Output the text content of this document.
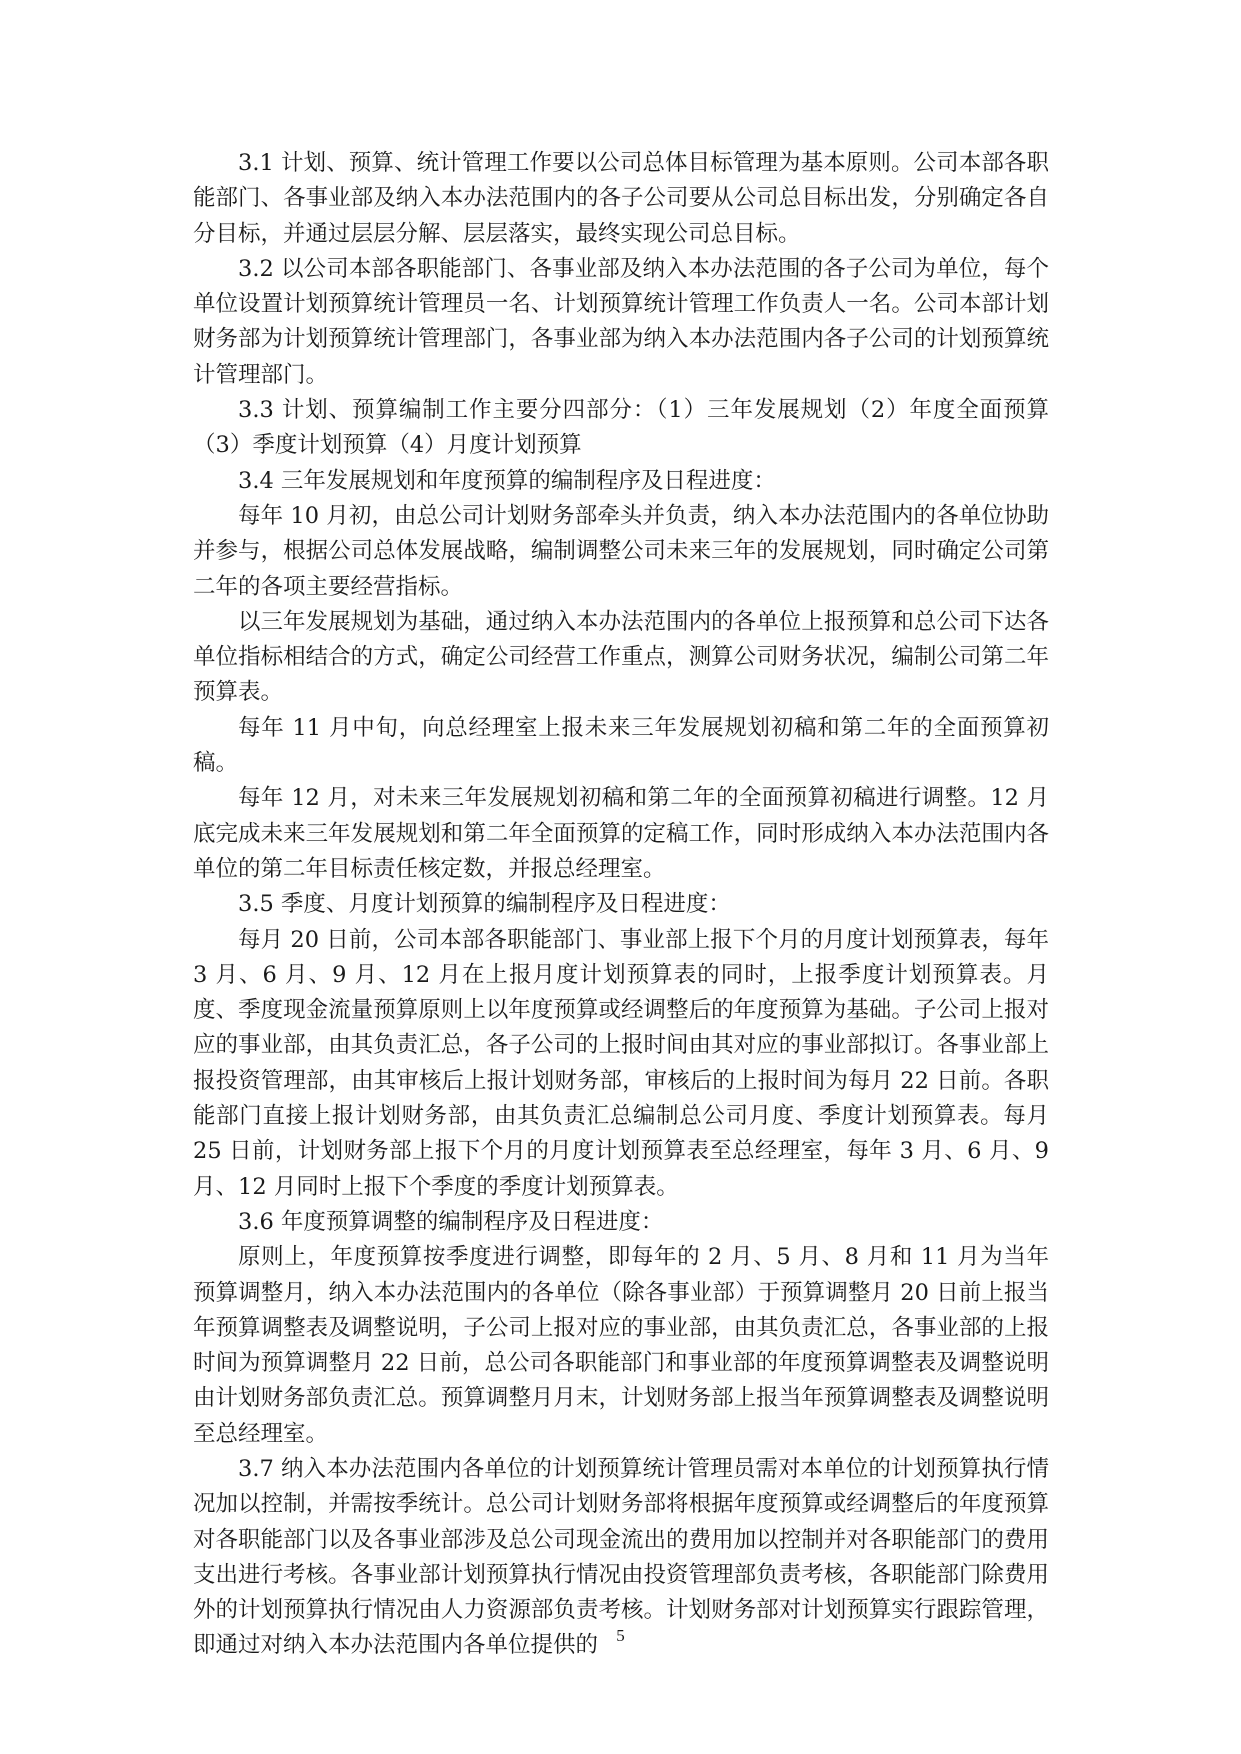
3.1 计划、预算、统计管理工作要以公司总体目标管理为基本原则。公司本部各职能部门、各事业部及纳入本办法范围内的各子公司要从公司总目标出发，分别确定各自分目标，并通过层层分解、层层落实，最终实现公司总目标。

3.2 以公司本部各职能部门、各事业部及纳入本办法范围的各子公司为单位，每个单位设置计划预算统计管理员一名、计划预算统计管理工作负责人一名。公司本部计划财务部为计划预算统计管理部门，各事业部为纳入本办法范围内各子公司的计划预算统计管理部门。

3.3 计划、预算编制工作主要分四部分：（1）三年发展规划（2）年度全面预算（3）季度计划预算（4）月度计划预算

3.4 三年发展规划和年度预算的编制程序及日程进度：

每年 10 月初，由总公司计划财务部牵头并负责，纳入本办法范围内的各单位协助并参与，根据公司总体发展战略，编制调整公司未来三年的发展规划，同时确定公司第二年的各项主要经营指标。

以三年发展规划为基础，通过纳入本办法范围内的各单位上报预算和总公司下达各单位指标相结合的方式，确定公司经营工作重点，测算公司财务状况，编制公司第二年预算表。

每年 11 月中旬，向总经理室上报未来三年发展规划初稿和第二年的全面预算初稿。

每年 12 月，对未来三年发展规划初稿和第二年的全面预算初稿进行调整。12 月底完成未来三年发展规划和第二年全面预算的定稿工作，同时形成纳入本办法范围内各单位的第二年目标责任核定数，并报总经理室。

3.5 季度、月度计划预算的编制程序及日程进度：

每月 20 日前，公司本部各职能部门、事业部上报下个月的月度计划预算表，每年 3 月、6 月、9 月、12 月在上报月度计划预算表的同时，上报季度计划预算表。月度、季度现金流量预算原则上以年度预算或经调整后的年度预算为基础。子公司上报对应的事业部，由其负责汇总，各子公司的上报时间由其对应的事业部拟订。各事业部上报投资管理部，由其审核后上报计划财务部，审核后的上报时间为每月 22 日前。各职能部门直接上报计划财务部，由其负责汇总编制总公司月度、季度计划预算表。每月 25 日前，计划财务部上报下个月的月度计划预算表至总经理室，每年 3 月、6 月、9 月、12 月同时上报下个季度的季度计划预算表。

3.6 年度预算调整的编制程序及日程进度：

原则上，年度预算按季度进行调整，即每年的 2 月、5 月、8 月和 11 月为当年预算调整月，纳入本办法范围内的各单位（除各事业部）于预算调整月 20 日前上报当年预算调整表及调整说明，子公司上报对应的事业部，由其负责汇总，各事业部的上报时间为预算调整月 22 日前，总公司各职能部门和事业部的年度预算调整表及调整说明由计划财务部负责汇总。预算调整月月末，计划财务部上报当年预算调整表及调整说明至总经理室。

3.7 纳入本办法范围内各单位的计划预算统计管理员需对本单位的计划预算执行情况加以控制，并需按季统计。总公司计划财务部将根据年度预算或经调整后的年度预算对各职能部门以及各事业部涉及总公司现金流出的费用加以控制并对各职能部门的费用支出进行考核。各事业部计划预算执行情况由投资管理部负责考核，各职能部门除费用外的计划预算执行情况由人力资源部负责考核。计划财务部对计划预算实行跟踪管理，即通过对纳入本办法范围内各单位提供的	5
